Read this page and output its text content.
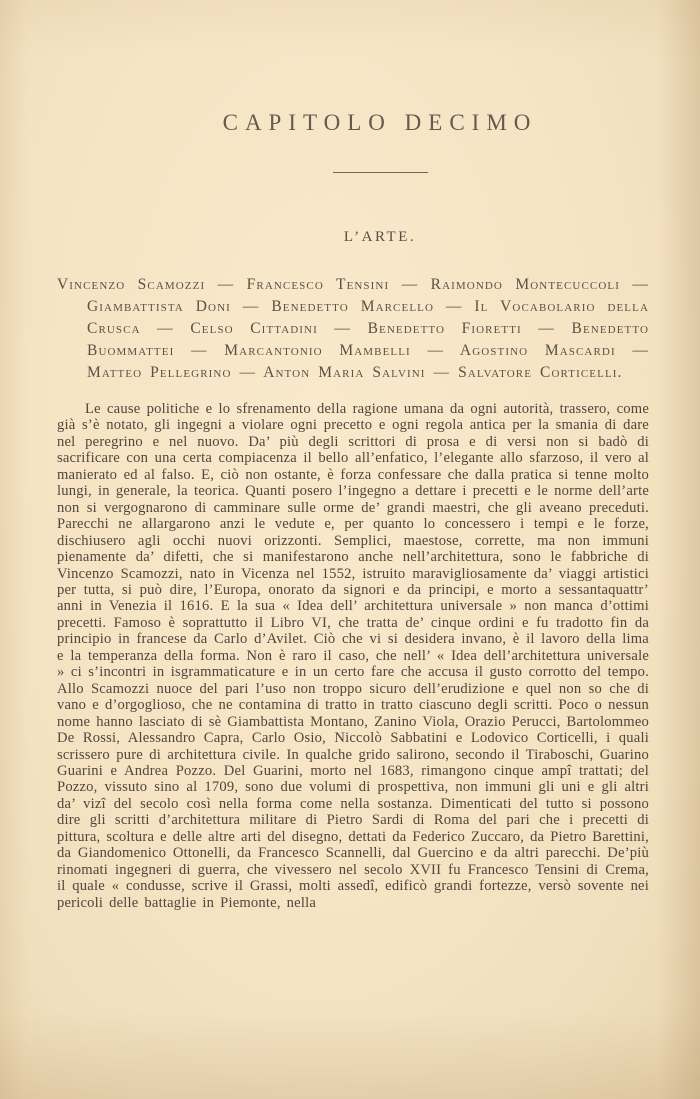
CAPITOLO DECIMO
L’ARTE.

Vincenzo Scamozzi — Francesco Tensini — Raimondo Montecuccoli — Giambattista Doni — Benedetto Marcello — Il Vocabolario della Crusca — Celso Cittadini — Benedetto Fioretti — Benedetto Buommattei — Marcantonio Mambelli — Agostino Mascardi — Matteo Pellegrino — Anton Maria Salvini — Salvatore Corticelli.

Le cause politiche e lo sfrenamento della ragione umana da ogni autorità, trassero, come già s’è notato, gli ingegni a violare ogni precetto e ogni regola antica per la smania di dare nel peregrino e nel nuovo. Da’ più degli scrittori di prosa e di versi non si badò di sacrificare con una certa compiacenza il bello all’enfatico, l’elegante allo sfarzoso, il vero al manierato ed al falso. E, ciò non ostante, è forza confessare che dalla pratica si tenne molto lungi, in generale, la teorica. Quanti posero l’ingegno a dettare i precetti e le norme dell’arte non si vergognarono di camminare sulle orme de’ grandi maestri, che gli aveano preceduti. Parecchi ne allargarono anzi le vedute e, per quanto lo concessero i tempi e le forze, dischiusero agli occhi nuovi orizzonti. Semplici, maestose, corrette, ma non immuni pienamente da’ difetti, che si manifestarono anche nell’architettura, sono le fabbriche di Vincenzo Scamozzi, nato in Vicenza nel 1552, istruito maravigliosamente da’ viaggi artistici per tutta, si può dire, l’Europa, onorato da signori e da principi, e morto a sessantaquattr’ anni in Venezia il 1616. E la sua « Idea dell’ architettura universale » non manca d’ottimi precetti. Famoso è soprattutto il Libro VI, che tratta de’ cinque ordini e fu tradotto fin da principio in francese da Carlo d’Avilet. Ciò che vi si desidera invano, è il lavoro della lima e la temperanza della forma. Non è raro il caso, che nell’ « Idea dell’architettura universale » ci s’incontri in isgrammaticature e in un certo fare che accusa il gusto corrotto del tempo. Allo Scamozzi nuoce del pari l’uso non troppo sicuro dell’erudizione e quel non so che di vano e d’orgoglioso, che ne contamina di tratto in tratto ciascuno degli scritti. Poco o nessun nome hanno lasciato di sè Giambattista Montano, Zanino Viola, Orazio Perucci, Bartolommeo De Rossi, Alessandro Capra, Carlo Osio, Niccolò Sabbatini e Lodovico Corticelli, i quali scrissero pure di architettura civile. In qualche grido salirono, secondo il Tiraboschi, Guarino Guarini e Andrea Pozzo. Del Guarini, morto nel 1683, rimangono cinque ampî trattati; del Pozzo, vissuto sino al 1709, sono due volumi di prospettiva, non immuni gli uni e gli altri da’ vizî del secolo così nella forma come nella sostanza. Dimenticati del tutto si possono dire gli scritti d’architettura militare di Pietro Sardi di Roma del pari che i precetti di pittura, scoltura e delle altre arti del disegno, dettati da Federico Zuccaro, da Pietro Barettini, da Giandomenico Ottonelli, da Francesco Scannelli, dal Guercino e da altri parecchi. De’più rinomati ingegneri di guerra, che vivessero nel secolo XVII fu Francesco Tensini di Crema, il quale « condusse, scrive il Grassi, molti assedî, edificò grandi fortezze, versò sovente nei pericoli delle battaglie in Piemonte, nella
